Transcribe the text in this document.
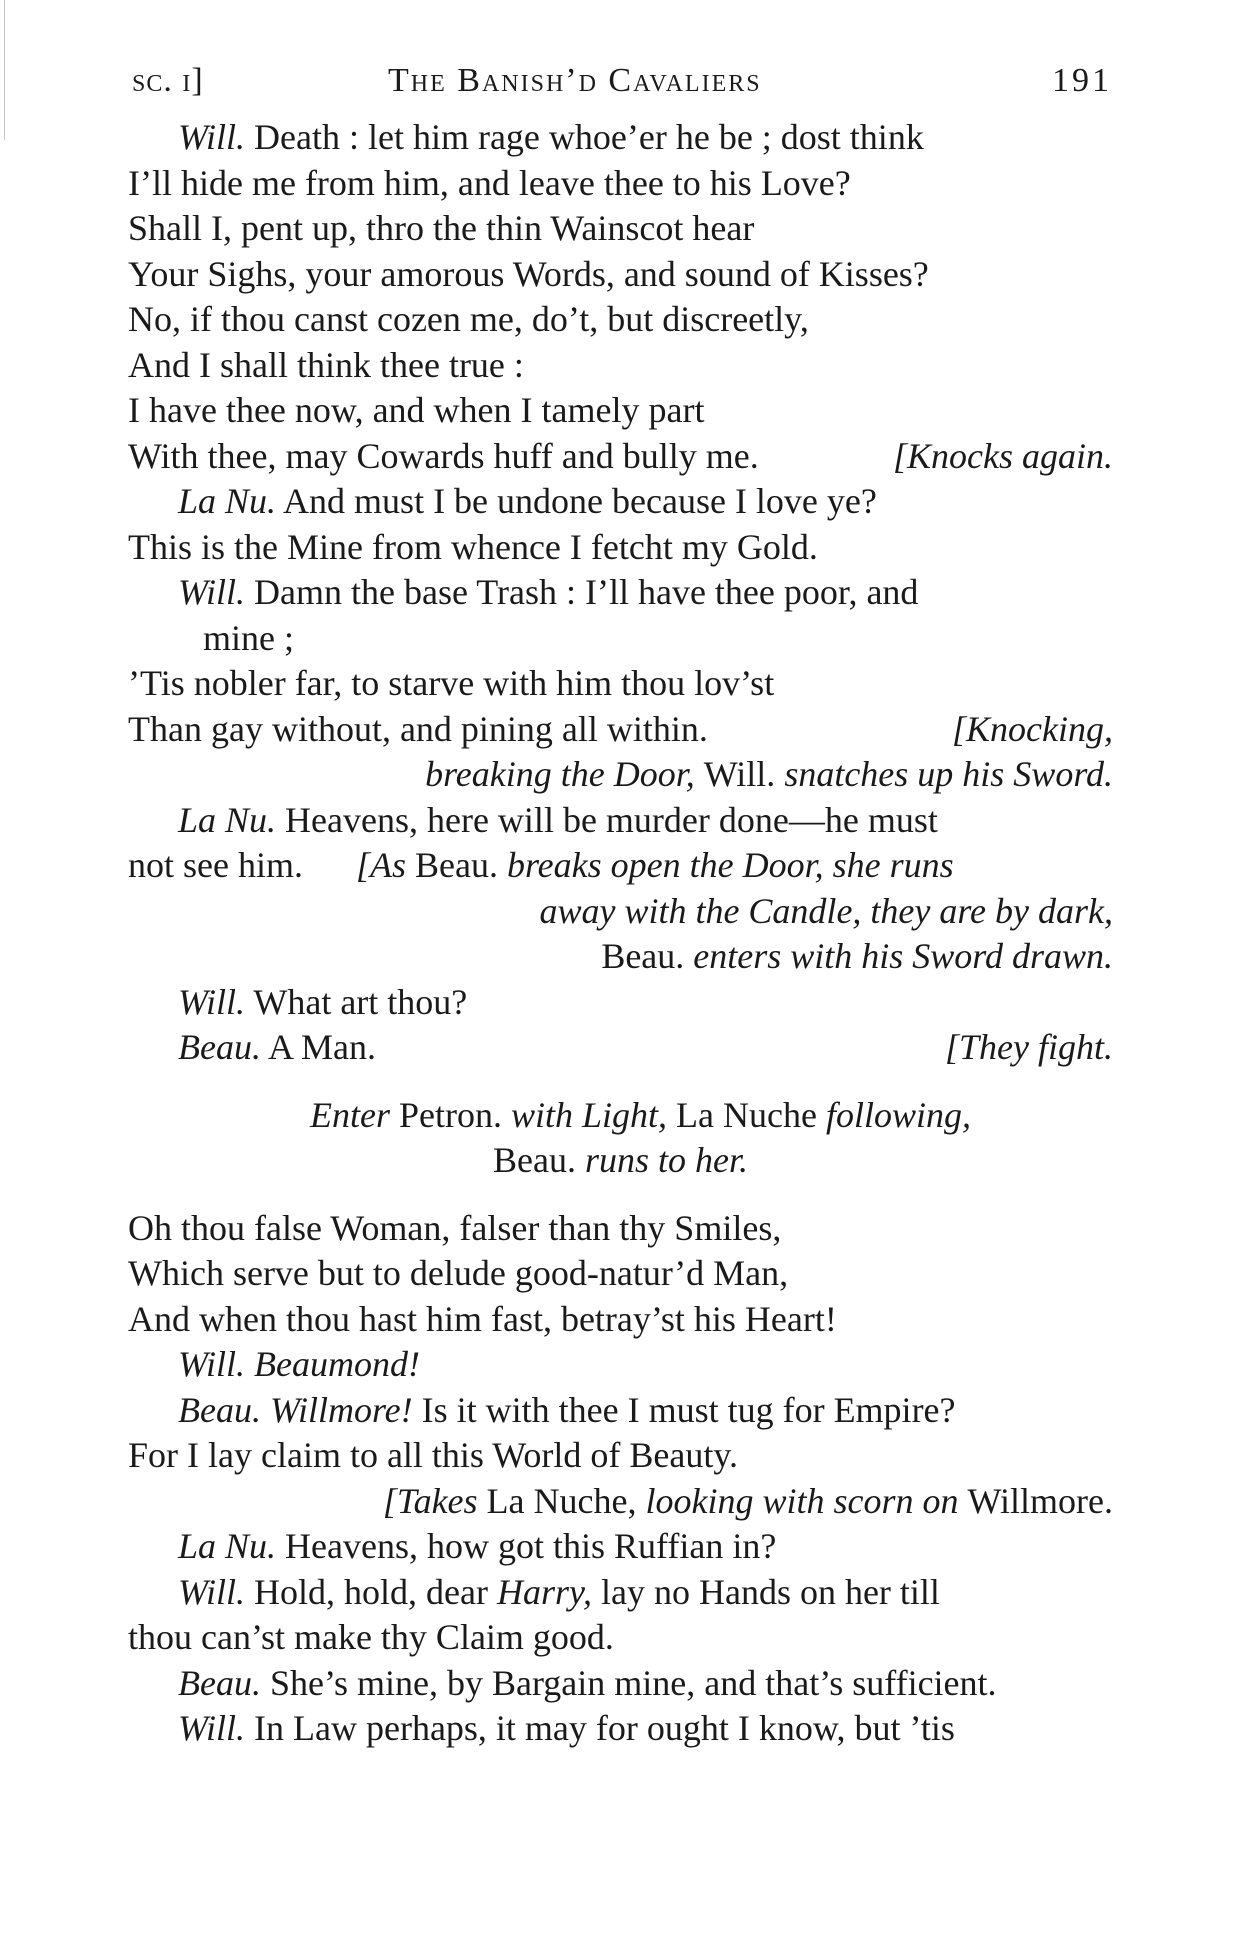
sc. i]	The Banish’d Cavaliers	191
Will. Death : let him rage whoe’er he be ; dost think
I’ll hide me from him, and leave thee to his Love?
Shall I, pent up, thro the thin Wainscot hear
Your Sighs, your amorous Words, and sound of Kisses?
No, if thou canst cozen me, do’t, but discreetly,
And I shall think thee true :
I have thee now, and when I tamely part
With thee, may Cowards huff and bully me.	[Knocks again.
La Nu. And must I be undone because I love ye?
This is the Mine from whence I fetcht my Gold.
Will. Damn the base Trash : I’ll have thee poor, and
mine ;
’Tis nobler far, to starve with him thou lov’st
Than gay without, and pining all within.	[Knocking,
breaking the Door, Will. snatches up his Sword.
La Nu. Heavens, here will be murder done—he must
not see him. [As Beau. breaks open the Door, she runs
away with the Candle, they are by dark,
Beau. enters with his Sword drawn.
Will. What art thou?
Beau. A Man.	[They fight.
Enter Petron. with Light, La Nuche following,
Beau. runs to her.
Oh thou false Woman, falser than thy Smiles,
Which serve but to delude good-natur’d Man,
And when thou hast him fast, betray’st his Heart!
Will. Beaumond!
Beau. Willmore! Is it with thee I must tug for Empire?
For I lay claim to all this World of Beauty.
[Takes La Nuche, looking with scorn on Willmore.
La Nu. Heavens, how got this Ruffian in?
Will. Hold, hold, dear Harry, lay no Hands on her till
thou can’st make thy Claim good.
Beau. She’s mine, by Bargain mine, and that’s sufficient.
Will. In Law perhaps, it may for ought I know, but ’tis
